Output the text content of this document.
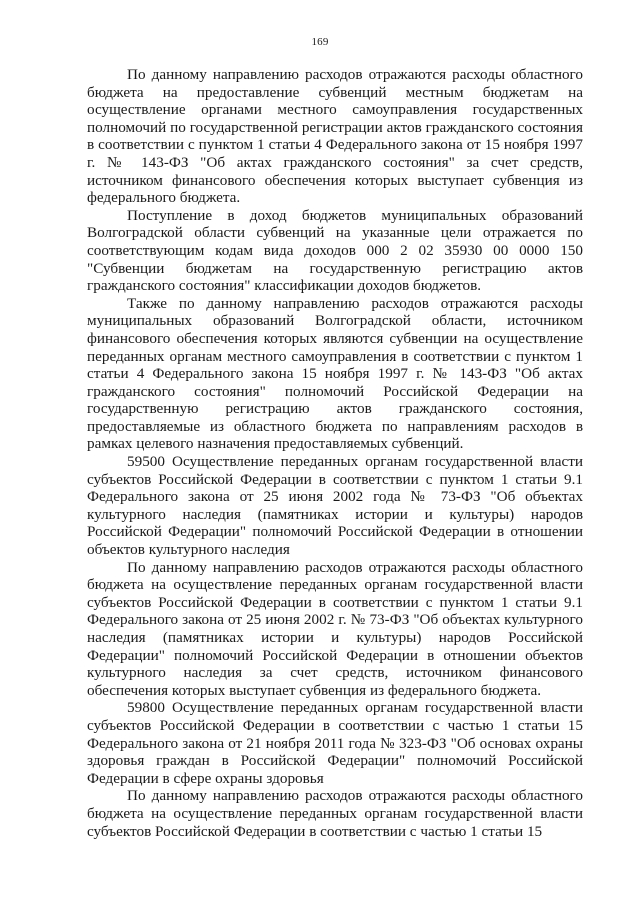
169

По данному направлению расходов отражаются расходы областного бюджета на предоставление субвенций местным бюджетам на осуществление органами местного самоуправления государственных полномочий по государственной регистрации актов гражданского состояния в соответствии с пунктом 1 статьи 4 Федерального закона от 15 ноября 1997 г. № 143-ФЗ "Об актах гражданского состояния" за счет средств, источником финансового обеспечения которых выступает субвенция из федерального бюджета.

Поступление в доход бюджетов муниципальных образований Волгоградской области субвенций на указанные цели отражается по соответствующим кодам вида доходов 000 2 02 35930 00 0000 150 "Субвенции бюджетам на государственную регистрацию актов гражданского состояния" классификации доходов бюджетов.

Также по данному направлению расходов отражаются расходы муниципальных образований Волгоградской области, источником финансового обеспечения которых являются субвенции на осуществление переданных органам местного самоуправления в соответствии с пунктом 1 статьи 4 Федерального закона 15 ноября 1997 г. № 143-ФЗ "Об актах гражданского состояния" полномочий Российской Федерации на государственную регистрацию актов гражданского состояния, предоставляемые из областного бюджета по направлениям расходов в рамках целевого назначения предоставляемых субвенций.

59500 Осуществление переданных органам государственной власти субъектов Российской Федерации в соответствии с пунктом 1 статьи 9.1 Федерального закона от 25 июня 2002 года № 73-ФЗ "Об объектах культурного наследия (памятниках истории и культуры) народов Российской Федерации" полномочий Российской Федерации в отношении объектов культурного наследия

По данному направлению расходов отражаются расходы областного бюджета на осуществление переданных органам государственной власти субъектов Российской Федерации в соответствии с пунктом 1 статьи 9.1 Федерального закона от 25 июня 2002 г. № 73-ФЗ "Об объектах культурного наследия (памятниках истории и культуры) народов Российской Федерации" полномочий Российской Федерации в отношении объектов культурного наследия за счет средств, источником финансового обеспечения которых выступает субвенция из федерального бюджета.

59800 Осуществление переданных органам государственной власти субъектов Российской Федерации в соответствии с частью 1 статьи 15 Федерального закона от 21 ноября 2011 года № 323-ФЗ "Об основах охраны здоровья граждан в Российской Федерации" полномочий Российской Федерации в сфере охраны здоровья

По данному направлению расходов отражаются расходы областного бюджета на осуществление переданных органам государственной власти субъектов Российской Федерации в соответствии с частью 1 статьи 15
